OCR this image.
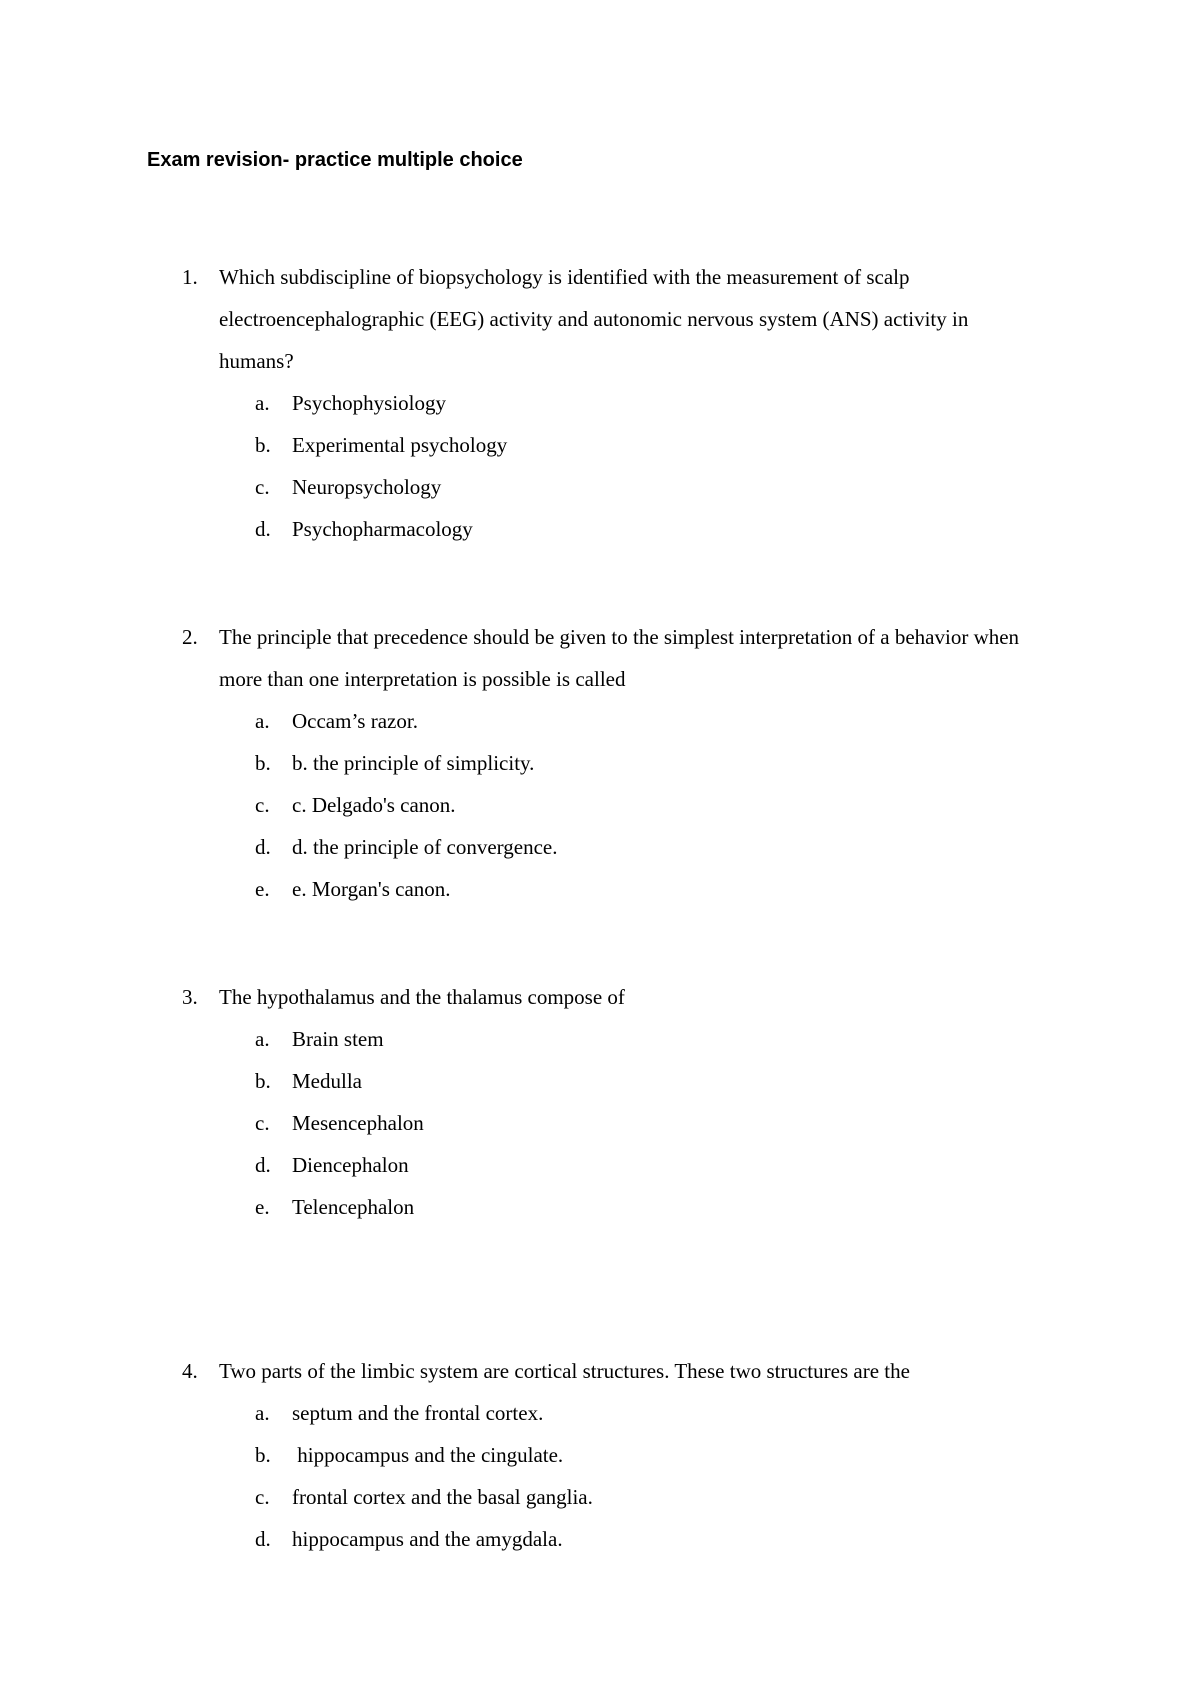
Exam revision- practice multiple choice
1. Which subdiscipline of biopsychology is identified with the measurement of scalp electroencephalographic (EEG) activity and autonomic nervous system (ANS) activity in humans?
a. Psychophysiology
b. Experimental psychology
c. Neuropsychology
d. Psychopharmacology
2. The principle that precedence should be given to the simplest interpretation of a behavior when more than one interpretation is possible is called
a. Occam’s razor.
b. b. the principle of simplicity.
c. c. Delgado's canon.
d. d. the principle of convergence.
e. e. Morgan's canon.
3. The hypothalamus and the thalamus compose of
a. Brain stem
b. Medulla
c. Mesencephalon
d. Diencephalon
e. Telencephalon
4. Two parts of the limbic system are cortical structures. These two structures are the
a. septum and the frontal cortex.
b. hippocampus and the cingulate.
c. frontal cortex and the basal ganglia.
d. hippocampus and the amygdala.
